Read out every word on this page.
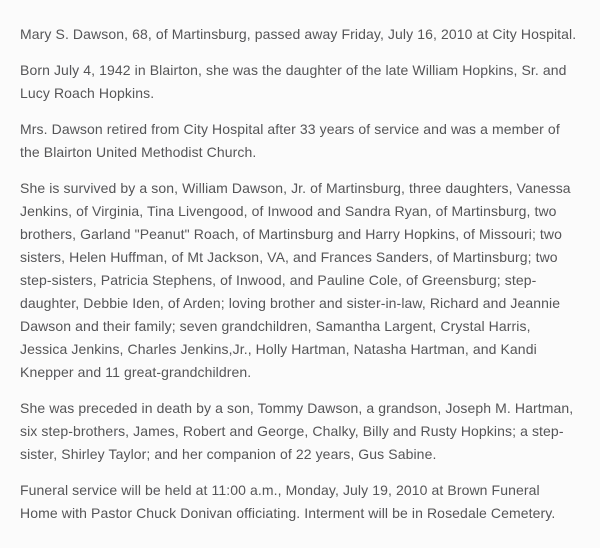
Mary S. Dawson, 68, of Martinsburg, passed away Friday, July 16, 2010 at City Hospital.

Born July 4, 1942 in Blairton, she was the daughter of the late William Hopkins, Sr. and Lucy Roach Hopkins.

Mrs. Dawson retired from City Hospital after 33 years of service and was a member of the Blairton United Methodist Church.

She is survived by a son, William Dawson, Jr. of Martinsburg, three daughters, Vanessa Jenkins, of Virginia, Tina Livengood, of Inwood and Sandra Ryan, of Martinsburg, two brothers, Garland "Peanut" Roach, of Martinsburg and Harry Hopkins, of Missouri; two sisters, Helen Huffman, of Mt Jackson, VA, and Frances Sanders, of Martinsburg; two step-sisters, Patricia Stephens, of Inwood, and Pauline Cole, of Greensburg; step-daughter, Debbie Iden, of Arden; loving brother and sister-in-law, Richard and Jeannie Dawson and their family; seven grandchildren, Samantha Largent, Crystal Harris, Jessica Jenkins, Charles Jenkins,Jr., Holly Hartman, Natasha Hartman, and Kandi Knepper and 11 great-grandchildren.

She was preceded in death by a son, Tommy Dawson, a grandson, Joseph M. Hartman, six step-brothers, James, Robert and George, Chalky, Billy and Rusty Hopkins; a step-sister, Shirley Taylor; and her companion of 22 years, Gus Sabine.

Funeral service will be held at 11:00 a.m., Monday, July 19, 2010 at Brown Funeral Home with Pastor Chuck Donivan officiating. Interment will be in Rosedale Cemetery.
